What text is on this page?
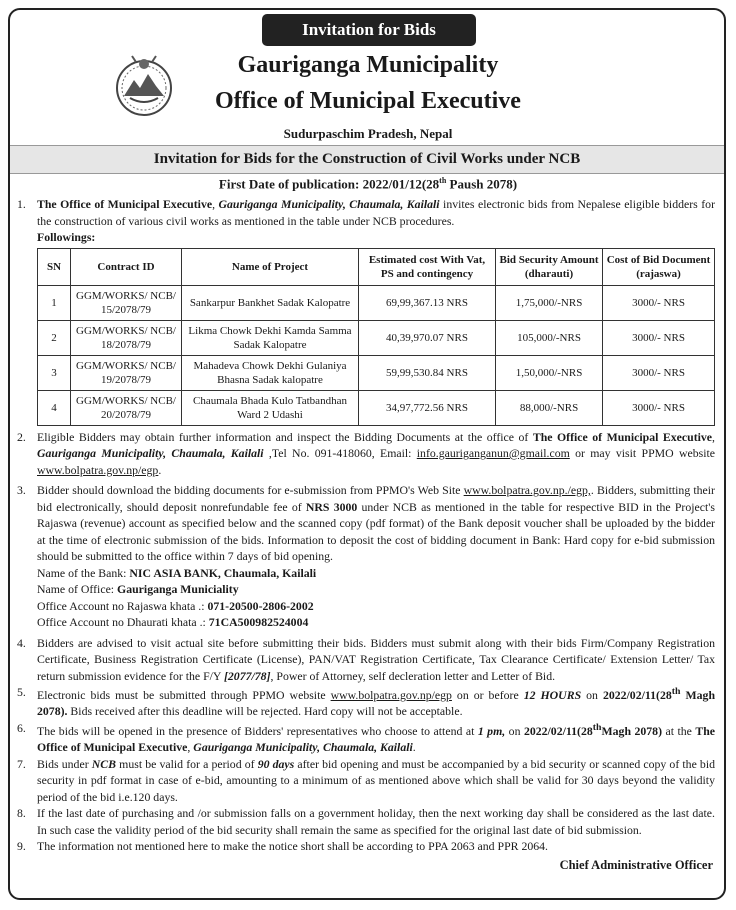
Invitation for Bids
Gauriganga Municipality
Office of Municipal Executive
Sudurpaschim Pradesh, Nepal
Invitation for Bids for the Construction of Civil Works under NCB
First Date of publication: 2022/01/12(28th Paush 2078)
1. The Office of Municipal Executive, Gauriganga Municipality, Chaumala, Kailali invites electronic bids from Nepalese eligible bidders for the construction of various civil works as mentioned in the table under NCB procedures.
Followings:
SN	Contract ID	Name of Project	Estimated cost With Vat, PS and contingency	Bid Security Amount (dharauti)	Cost of Bid Document (rajaswa)
1	GGM/WORKS/ NCB/ 15/2078/79	Sankarpur Bankhet Sadak Kalopatre	69,99,367.13 NRS	1,75,000/-NRS	3000/- NRS
2	GGM/WORKS/ NCB/ 18/2078/79	Likma Chowk Dekhi Kamda Samma Sadak Kalopatre	40,39,970.07 NRS	105,000/-NRS	3000/- NRS
3	GGM/WORKS/ NCB/ 19/2078/79	Mahadeva Chowk Dekhi Gulaniya Bhasna Sadak kalopatre	59,99,530.84 NRS	1,50,000/-NRS	3000/- NRS
4	GGM/WORKS/ NCB/ 20/2078/79	Chaumala Bhada Kulo Tatbandhan Ward 2 Udashi	34,97,772.56 NRS	88,000/-NRS	3000/- NRS
2. Eligible Bidders may obtain further information and inspect the Bidding Documents at the office of The Office of Municipal Executive, Gauriganga Municipality, Chaumala, Kailali ,Tel No. 091-418060, Email: info.gauriganganun@gmail.com or may visit PPMO website www.bolpatra.gov.np/egp.
3. Bidder should download the bidding documents for e-submission from PPMO's Web Site www.bolpatra.gov.np./egp,. Bidders, submitting their bid electronically, should deposit nonrefundable fee of NRS 3000 under NCB as mentioned in the table for respective BID in the Project's Rajaswa (revenue) account as specified below and the scanned copy (pdf format) of the Bank deposit voucher shall be uploaded by the bidder at the time of electronic submission of the bids. Information to deposit the cost of bidding document in Bank: Hard copy for e-bid submission should be submitted to the office within 7 days of bid opening.
Name of the Bank: NIC ASIA BANK, Chaumala, Kailali
Name of Office: Gauriganga Municiality
Office Account no Rajaswa khata .: 071-20500-2806-2002
Office Account no Dhaurati khata .: 71CA500982524004
4. Bidders are advised to visit actual site before submitting their bids. Bidders must submit along with their bids Firm/Company Registration Certificate, Business Registration Certificate (License), PAN/VAT Registration Certificate, Tax Clearance Certificate/ Extension Letter/ Tax return submission evidence for the F/Y [2077/78], Power of Attorney, self decleration letter and Letter of Bid.
5. Electronic bids must be submitted through PPMO website www.bolpatra.gov.np/egp on or before 12 HOURS on 2022/02/11(28th Magh 2078). Bids received after this deadline will be rejected. Hard copy will not be acceptable.
6. The bids will be opened in the presence of Bidders' representatives who choose to attend at 1 pm, on 2022/02/11(28thMagh 2078) at the The Office of Municipal Executive, Gauriganga Municipality, Chaumala, Kailali.
7. Bids under NCB must be valid for a period of 90 days after bid opening and must be accompanied by a bid security or scanned copy of the bid security in pdf format in case of e-bid, amounting to a minimum of as mentioned above which shall be valid for 30 days beyond the validity period of the bid i.e.120 days.
8. If the last date of purchasing and /or submission falls on a government holiday, then the next working day shall be considered as the last date. In such case the validity period of the bid security shall remain the same as specified for the original last date of bid submission.
9. The information not mentioned here to make the notice short shall be according to PPA 2063 and PPR 2064.
Chief Administrative Officer
